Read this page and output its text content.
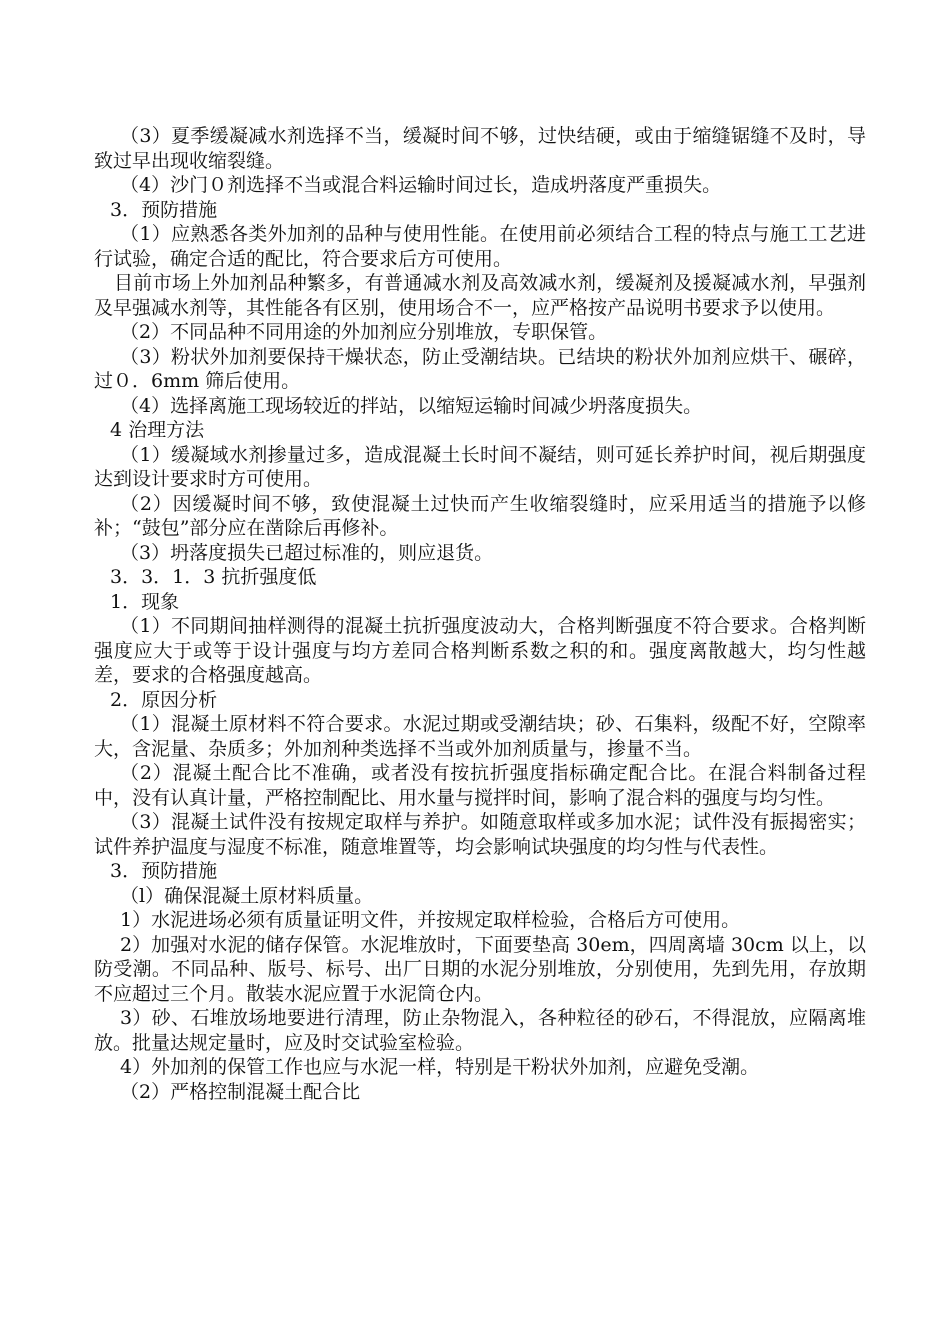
（3）夏季缓凝减水剂选择不当，缓凝时间不够，过快结硬，或由于缩缝锯缝不及时，导致过早出现收缩裂缝。

（4）沙门０剂选择不当或混合料运输时间过长，造成坍落度严重损失。

3．预防措施

（1）应熟悉各类外加剂的品种与使用性能。在使用前必须结合工程的特点与施工工艺进行试验，确定合适的配比，符合要求后方可使用。

目前市场上外加剂品种繁多，有普通减水剂及高效减水剂，缓凝剂及援凝减水剂，早强剂及早强减水剂等，其性能各有区别，使用场合不一，应严格按产品说明书要求予以使用。

（2）不同品种不同用途的外加剂应分别堆放，专职保管。

（3）粉状外加剂要保持干燥状态，防止受潮结块。已结块的粉状外加剂应烘干、碾碎，过０．6mm 筛后使用。

（4）选择离施工现场较近的拌站，以缩短运输时间减少坍落度损失。

4 治理方法

（1）缓凝域水剂掺量过多，造成混凝土长时间不凝结，则可延长养护时间，视后期强度达到设计要求时方可使用。

（2）因缓凝时间不够，致使混凝土过快而产生收缩裂缝时，应采用适当的措施予以修补；“鼓包”部分应在凿除后再修补。

（3）坍落度损失已超过标准的，则应退货。

3．3．1．3 抗折强度低

1．现象

（1）不同期间抽样测得的混凝土抗折强度波动大，合格判断强度不符合要求。合格判断强度应大于或等于设计强度与均方差同合格判断系数之积的和。强度离散越大，均匀性越差，要求的合格强度越高。

2．原因分析

（1）混凝土原材料不符合要求。水泥过期或受潮结块；砂、石集料，级配不好，空隙率大，含泥量、杂质多；外加剂种类选择不当或外加剂质量与，掺量不当。

（2）混凝土配合比不准确，或者没有按抗折强度指标确定配合比。在混合料制备过程中，没有认真计量，严格控制配比、用水量与搅拌时间，影响了混合料的强度与均匀性。

（3）混凝土试件没有按规定取样与养护。如随意取样或多加水泥；试件没有振揭密实；试件养护温度与湿度不标准，随意堆置等，均会影响试块强度的均匀性与代表性。

3．预防措施

（l）确保混凝土原材料质量。

1）水泥进场必须有质量证明文件，并按规定取样检验，合格后方可使用。

2）加强对水泥的储存保管。水泥堆放时，下面要垫高 30em，四周离墙 30cm 以上，以防受潮。不同品种、版号、标号、出厂日期的水泥分别堆放，分别使用，先到先用，存放期不应超过三个月。散装水泥应置于水泥筒仓内。

3）砂、石堆放场地要进行清理，防止杂物混入，各种粒径的砂石，不得混放，应隔离堆放。批量达规定量时，应及时交试验室检验。

4）外加剂的保管工作也应与水泥一样，特别是干粉状外加剂，应避免受潮。

（2）严格控制混凝土配合比
